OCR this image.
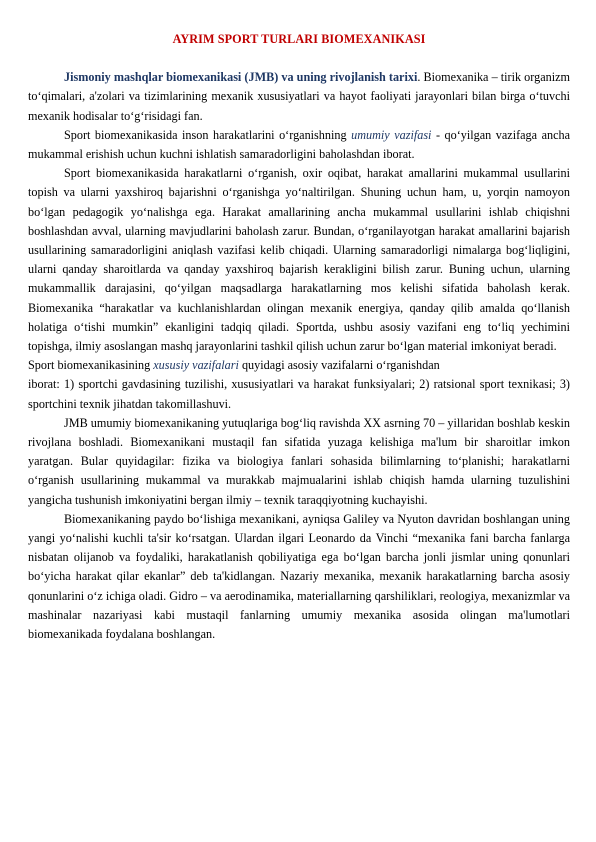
AYRIM SPORT TURLARI BIOMEXANIKASI

Jismoniy mashqlar biomexanikasi (JMB) va uning rivojlanish tarixi. Biomexanika – tirik organizm to‘qimalari, a'zolari va tizimlarining mexanik xususiyatlari va hayot faoliyati jarayonlari bilan birga o‘tuvchi mexanik hodisalar to‘g‘risidagi fan.

Sport biomexanikasida inson harakatlarini o‘rganishning umumiy vazifasi - qo‘yilgan vazifaga ancha mukammal erishish uchun kuchni ishlatish samaradorligini baholashdan iborat.

Sport biomexanikasida harakatlarni o‘rganish, oxir oqibat, harakat amallarini mukammal usullarini topish va ularni yaxshiroq bajarishni o‘rganishga yo‘naltirilgan. Shuning uchun ham, u, yorqin namoyon bo‘lgan pedagogik yo‘nalishga ega. Harakat amallarining ancha mukammal usullarini ishlab chiqishni boshlashdan avval, ularning mavjudlarini baholash zarur. Bundan, o‘rganilayotgan harakat amallarini bajarish usullarining samaradorligini aniqlash vazifasi kelib chiqadi. Ularning samaradorligi nimalarga bog‘liqligini, ularni qanday sharoitlarda va qanday yaxshiroq bajarish kerakligini bilish zarur. Buning uchun, ularning mukammallik darajasini, qo‘yilgan maqsadlarga harakatlarning mos kelishi sifatida baholash kerak. Biomexanika “harakatlar va kuchlanishlardan olingan mexanik energiya, qanday qilib amalda qo‘llanish holatiga o‘tishi mumkin” ekanligini tadqiq qiladi. Sportda, ushbu asosiy vazifani eng to‘liq yechimini topishga, ilmiy asoslangan mashq jarayonlarini tashkil qilish uchun zarur bo‘lgan material imkoniyat beradi.

Sport biomexanikasining xususiy vazifalari quyidagi asosiy vazifalarni o‘rganishdan

iborat: 1) sportchi gavdasining tuzilishi, xususiyatlari va harakat funksiyalari; 2) ratsional sport texnikasi; 3) sportchini texnik jihatdan takomillashuvi.

JMB umumiy biomexanikaning yutuqlariga bog‘liq ravishda XX asrning 70 – yillaridan boshlab keskin rivojlana boshladi. Biomexanikani mustaqil fan sifatida yuzaga kelishiga ma'lum bir sharoitlar imkon yaratgan. Bular quyidagilar: fizika va biologiya fanlari sohasida bilimlarning to‘planishi; harakatlarni o‘rganish usullarining mukammal va murakkab majmualarini ishlab chiqish hamda ularning tuzulishini yangicha tushunish imkoniyatini bergan ilmiy – texnik taraqqiyotning kuchayishi.

Biomexanikaning paydo bo‘lishiga mexanikani, ayniqsa Galiley va Nyuton davridan boshlangan uning yangi yo‘nalishi kuchli ta'sir ko‘rsatgan. Ulardan ilgari Leonardo da Vinchi “mexanika fani barcha fanlarga nisbatan olijanob va foydaliki, harakatlanish qobiliyatiga ega bo‘lgan barcha jonli jismlar uning qonunlari bo‘yicha harakat qilar ekanlar” deb ta'kidlangan. Nazariy mexanika, mexanik harakatlarning barcha asosiy qonunlarini o‘z ichiga oladi. Gidro – va aerodinamika, materiallarning qarshiliklari, reologiya, mexanizmlar va mashinalar nazariyasi kabi mustaqil fanlarning umumiy mexanika asosida olingan ma'lumotlari biomexanikada foydalana boshlangan.
